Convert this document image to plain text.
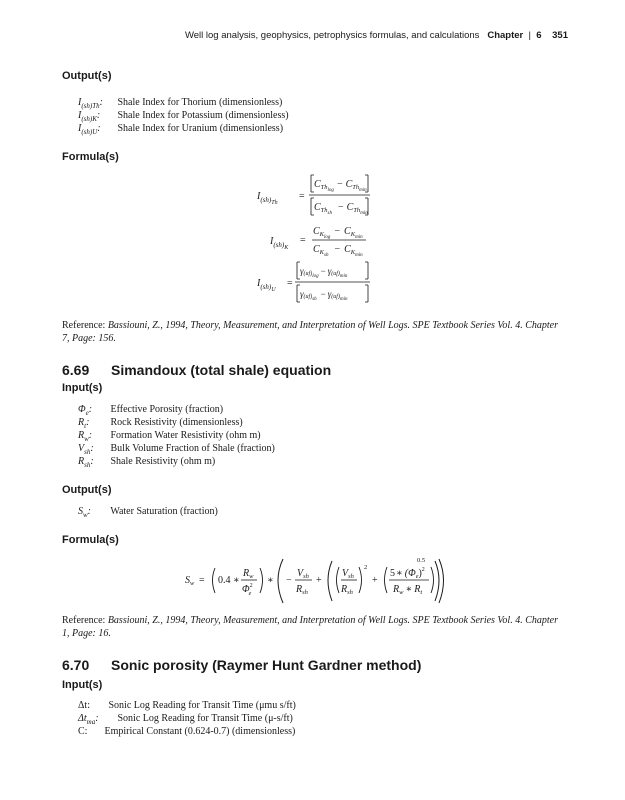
Well log analysis, geophysics, petrophysics formulas, and calculations Chapter | 6 351
Output(s)
$I_{(sh)Th}$: Shale Index for Thorium (dimensionless)
$I_{(sh)K}$: Shale Index for Potassium (dimensionless)
$I_{(sh)U}$: Shale Index for Uranium (dimensionless)
Formula(s)
$I_{(sh)Th}$
=
$C_{Thlog}- C_{Thmin}$
$C_{Thsh}- C_{Thmin}$
$I_{(sh)K}$
=
$C_{Klog}- C_{Kmin}$
$C_{Ksh}- C_{Kmin}$
$I_{(sh)U}$
=
$\gamma(uf)_{log}- \gamma(uf)_{min}$
$\gamma(uf)_{sh}- \gamma(uf)_{min}$
Reference: Bassiouni, Z., 1994, Theory, Measurement, and Interpretation of Well Logs. SPE Textbook Series Vol. 4. Chapter 7, Page: 156.
6.69 Simandoux (total shale) equation
Input(s)
$\Phi_e$: Effective Porosity (fraction)
$R_t$: Rock Resistivity (dimensionless)
$R_w$: Formation Water Resistivity (ohm m)
$V_{sh}$: Bulk Volume Fraction of Shale (fraction)
$R_{sh}$: Shale Resistivity (ohm m)
Output(s)
$S_w$: Water Saturation (fraction)
Formula(s)
$S_w = 0.4$ ∗
$R_w$
$\Phi^2$ e
∗ −
$V_{sh}$
$R_{sh}$
+
$V_{sh}$
$R_{sh}$
2
+
5∗ $(\Phi_e)^2$
$R_w$ ∗ $R_t$
0.5
Reference: Bassiouni, Z., 1994, Theory, Measurement, and Interpretation of Well Logs. SPE Textbook Series Vol. 4. Chapter 1, Page: 16.
6.70 Sonic porosity (Raymer Hunt Gardner method)
Input(s)
Δt: Sonic Log Reading for Transit Time (μmu s/ft)
$\Delta t_{ma}$: Sonic Log Reading for Transit Time (μ-s/ft)
C: Empirical Constant (0.624-0.7) (dimensionless)
